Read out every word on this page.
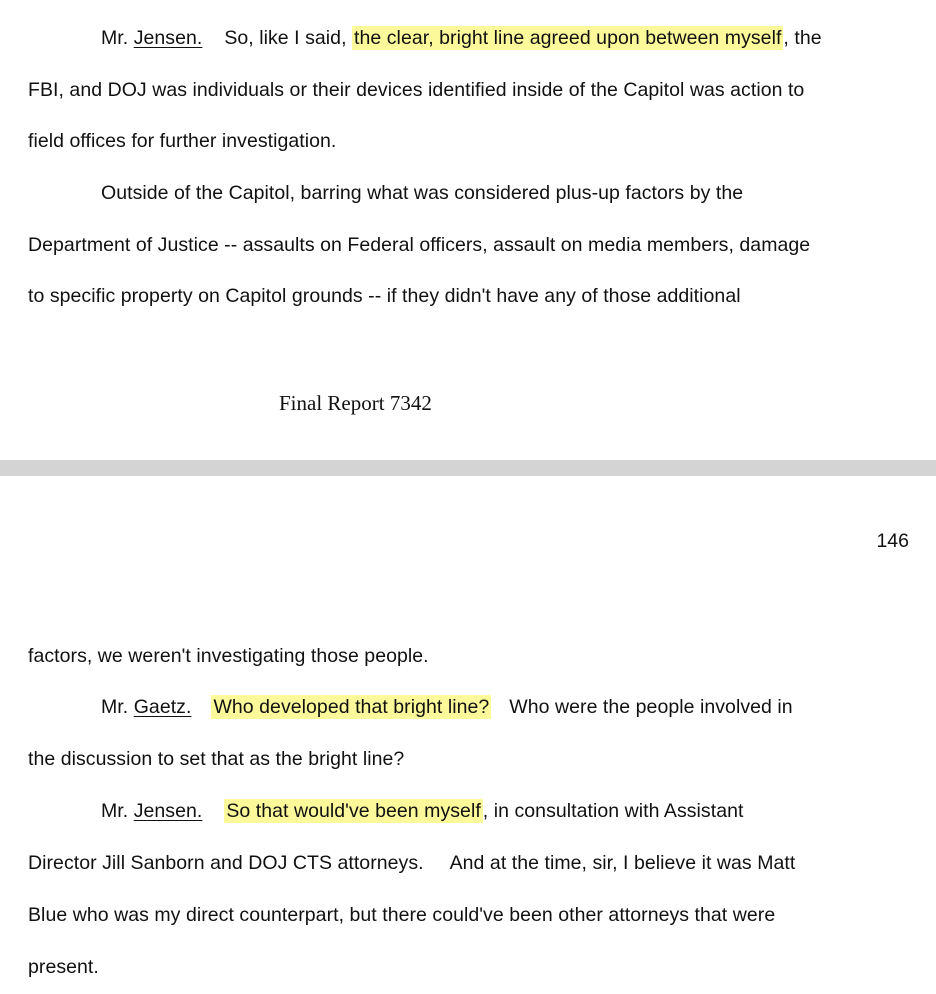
Mr. Jensen. So, like I said, the clear, bright line agreed upon between myself , the
FBI, and DOJ was individuals or their devices identified inside of the Capitol was action to
field offices for further investigation.
Outside of the Capitol, barring what was considered plus-up factors by the
Department of Justice -- assaults on Federal officers, assault on media members, damage
to specific property on Capitol grounds -- if they didn't have any of those additional
Final Report 7342
146
factors, we weren't investigating those people.
Mr. Gaetz. Who developed that bright line? Who were the people involved in
the discussion to set that as the bright line?
Mr. Jensen. So that would've been myself , in consultation with Assistant
Director Jill Sanborn and DOJ CTS attorneys. And at the time, sir, I believe it was Matt
Blue who was my direct counterpart, but there could've been other attorneys that were
present.
